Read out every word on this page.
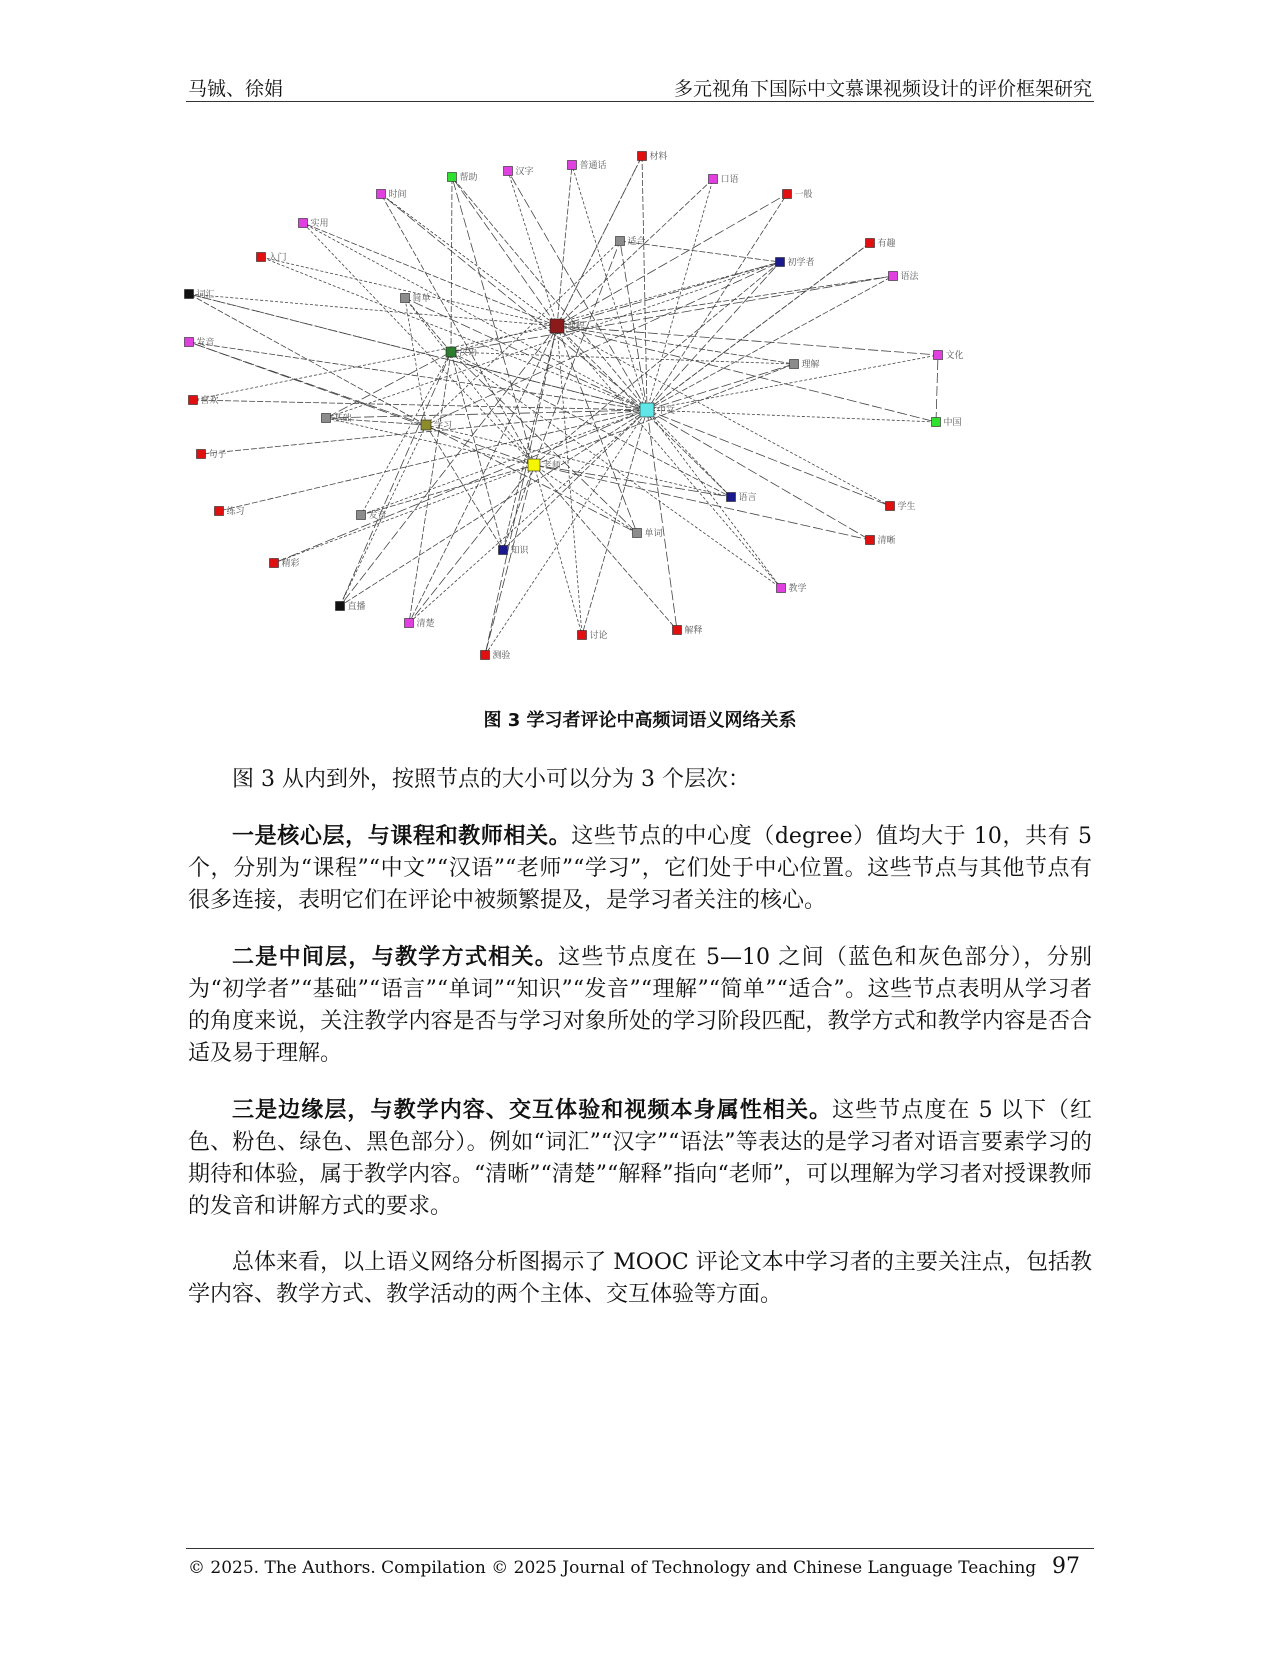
马铖、徐娟	多元视角下国际中文慕课视频设计的评价框架研究
材料
普通话
汉字
帮助	口语
时间	一般
实用
适合	有趣
入门	初学者
语法
词汇
课程
简单
发音
汉语	文化
理解
喜欢
中文
中国
基础
学习
句子
老师
语言
学生
练习	发音
单词
清晰
知识
教学
精彩
直播
清楚
解释
讨论
测验
图 3 学习者评论中高频词语义网络关系

图 3 从内到外，按照节点的大小可以分为 3 个层次：

一是核心层，与课程和教师相关。这些节点的中心度（degree）值均大于 10，共有 5 个，分别为“课程”“中文”“汉语”“老师”“学习”，它们处于中心位置。这些节点与其他节点有很多连接，表明它们在评论中被频繁提及，是学习者关注的核心。

二是中间层，与教学方式相关。这些节点度在 5—10 之间（蓝色和灰色部分），分别为“初学者”“基础”“语言”“单词”“知识”“发音”“理解”“简单”“适合”。这些节点表明从学习者的角度来说，关注教学内容是否与学习对象所处的学习阶段匹配，教学方式和教学内容是否合适及易于理解。

三是边缘层，与教学内容、交互体验和视频本身属性相关。这些节点度在 5 以下（红色、粉色、绿色、黑色部分）。例如“词汇”“汉字”“语法”等表达的是学习者对语言要素学习的期待和体验，属于教学内容。“清晰”“清楚”“解释”指向“老师”，可以理解为学习者对授课教师的发音和讲解方式的要求。

总体来看，以上语义网络分析图揭示了 MOOC 评论文本中学习者的主要关注点，包括教学内容、教学方式、教学活动的两个主体、交互体验等方面。

© 2025. The Authors. Compilation © 2025 Journal of Technology and Chinese Language Teaching 97
